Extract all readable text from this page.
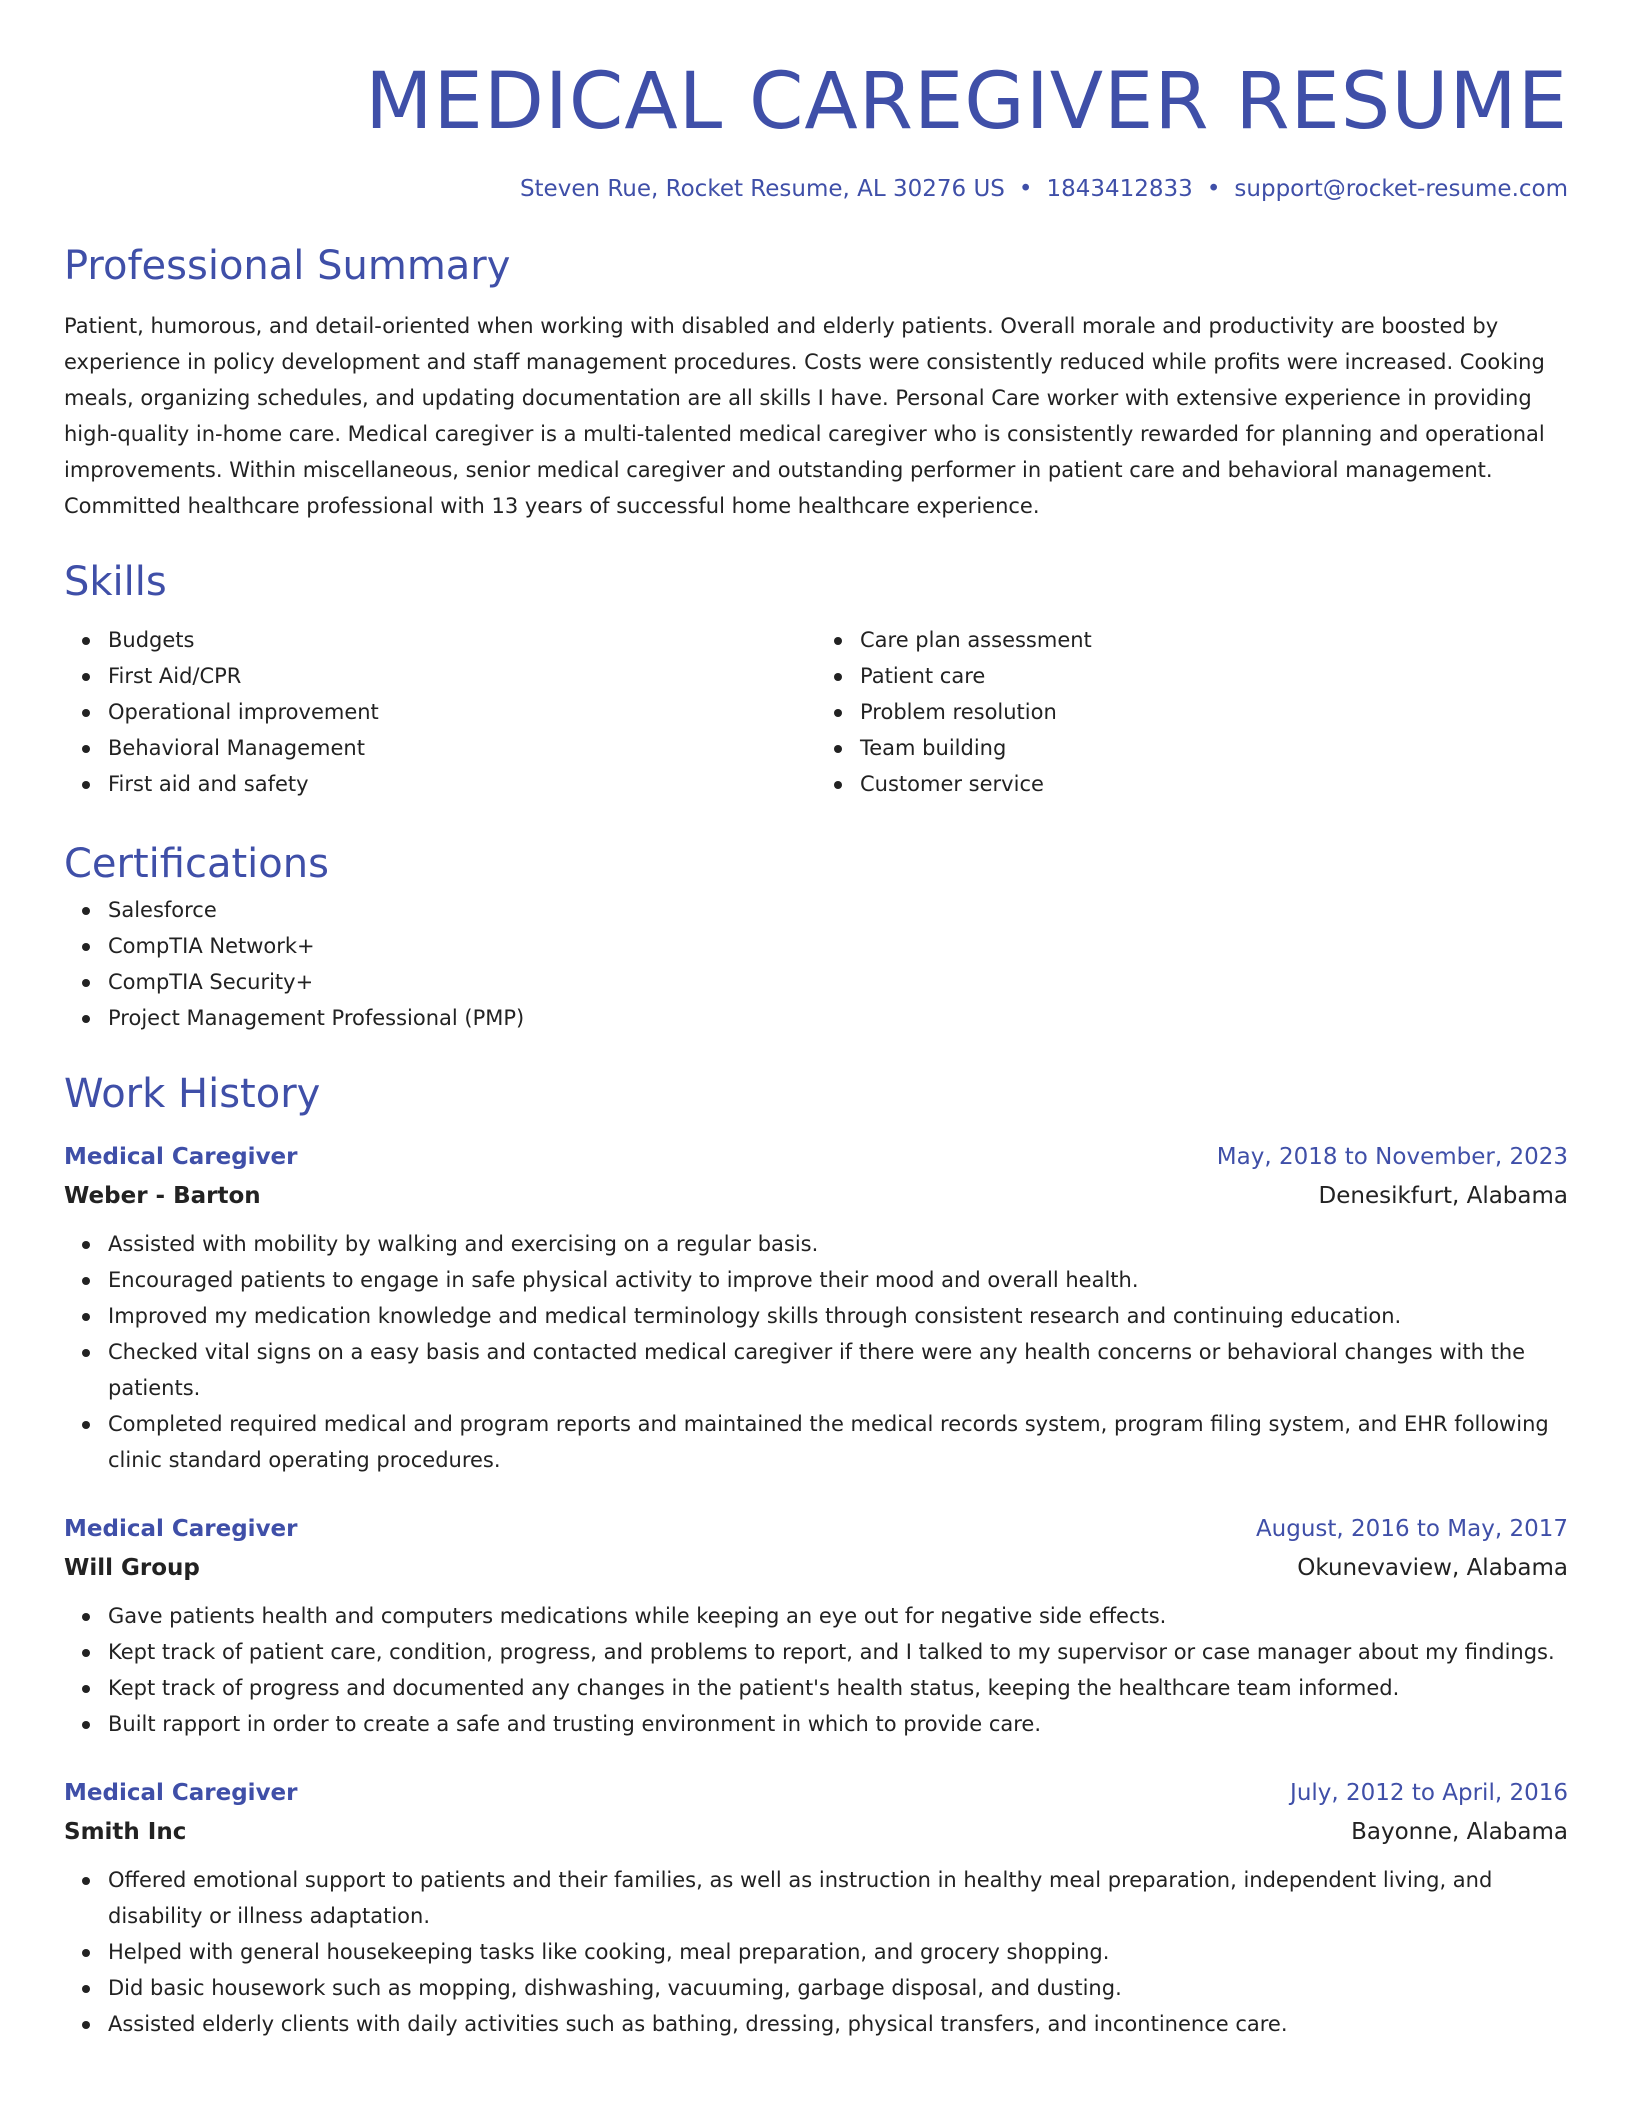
MEDICAL CAREGIVER RESUME
Steven Rue, Rocket Resume, AL 30276 US • 1843412833 • support@rocket-resume.com
Professional Summary

Patient, humorous, and detail-oriented when working with disabled and elderly patients. Overall morale and productivity are boosted by experience in policy development and staff management procedures. Costs were consistently reduced while profits were increased. Cooking meals, organizing schedules, and updating documentation are all skills I have. Personal Care worker with extensive experience in providing high-quality in-home care. Medical caregiver is a multi-talented medical caregiver who is consistently rewarded for planning and operational improvements. Within miscellaneous, senior medical caregiver and outstanding performer in patient care and behavioral management. Committed healthcare professional with 13 years of successful home healthcare experience.

Skills
Budgets
First Aid/CPR
Operational improvement
Behavioral Management
First aid and safety
Care plan assessment
Patient care
Problem resolution
Team building
Customer service
Certifications
Salesforce
CompTIA Network+
CompTIA Security+
Project Management Professional (PMP)
Work History
Medical Caregiver	May, 2018 to November, 2023
Weber - Barton	Denesikfurt, Alabama
Assisted with mobility by walking and exercising on a regular basis.
Encouraged patients to engage in safe physical activity to improve their mood and overall health.
Improved my medication knowledge and medical terminology skills through consistent research and continuing education.
Checked vital signs on a easy basis and contacted medical caregiver if there were any health concerns or behavioral changes with the patients.
Completed required medical and program reports and maintained the medical records system, program filing system, and EHR following clinic standard operating procedures.
Medical Caregiver	August, 2016 to May, 2017
Will Group	Okunevaview, Alabama
Gave patients health and computers medications while keeping an eye out for negative side effects.
Kept track of patient care, condition, progress, and problems to report, and I talked to my supervisor or case manager about my findings.
Kept track of progress and documented any changes in the patient's health status, keeping the healthcare team informed.
Built rapport in order to create a safe and trusting environment in which to provide care.
Medical Caregiver	July, 2012 to April, 2016
Smith Inc	Bayonne, Alabama
Offered emotional support to patients and their families, as well as instruction in healthy meal preparation, independent living, and disability or illness adaptation.
Helped with general housekeeping tasks like cooking, meal preparation, and grocery shopping.
Did basic housework such as mopping, dishwashing, vacuuming, garbage disposal, and dusting.
Assisted elderly clients with daily activities such as bathing, dressing, physical transfers, and incontinence care.
